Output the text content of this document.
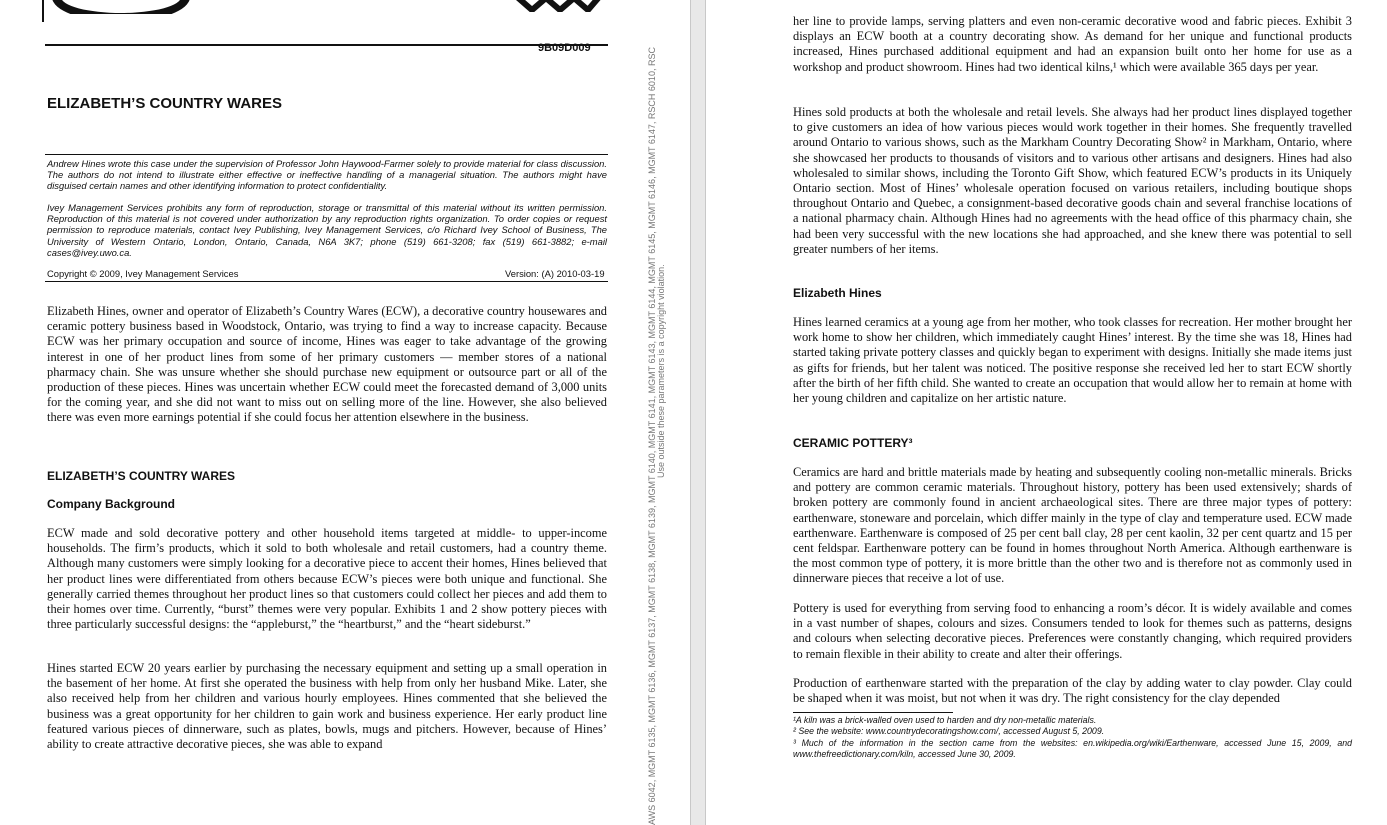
9B09D009
ELIZABETH’S COUNTRY WARES
Andrew Hines wrote this case under the supervision of Professor John Haywood-Farmer solely to provide material for class discussion. The authors do not intend to illustrate either effective or ineffective handling of a managerial situation. The authors might have disguised certain names and other identifying information to protect confidentiality.
Ivey Management Services prohibits any form of reproduction, storage or transmittal of this material without its written permission. Reproduction of this material is not covered under authorization by any reproduction rights organization. To order copies or request permission to reproduce materials, contact Ivey Publishing, Ivey Management Services, c/o Richard Ivey School of Business, The University of Western Ontario, London, Ontario, Canada, N6A 3K7; phone (519) 661-3208; fax (519) 661-3882; e-mail cases@ivey.uwo.ca.
Copyright © 2009, Ivey Management Services	Version: (A) 2010-03-19
Elizabeth Hines, owner and operator of Elizabeth’s Country Wares (ECW), a decorative country housewares and ceramic pottery business based in Woodstock, Ontario, was trying to find a way to increase capacity. Because ECW was her primary occupation and source of income, Hines was eager to take advantage of the growing interest in one of her product lines from some of her primary customers — member stores of a national pharmacy chain. She was unsure whether she should purchase new equipment or outsource part or all of the production of these pieces. Hines was uncertain whether ECW could meet the forecasted demand of 3,000 units for the coming year, and she did not want to miss out on selling more of the line. However, she also believed there was even more earnings potential if she could focus her attention elsewhere in the business.
ELIZABETH’S COUNTRY WARES
Company Background
ECW made and sold decorative pottery and other household items targeted at middle- to upper-income households. The firm’s products, which it sold to both wholesale and retail customers, had a country theme. Although many customers were simply looking for a decorative piece to accent their homes, Hines believed that her product lines were differentiated from others because ECW’s pieces were both unique and functional. She generally carried themes throughout her product lines so that customers could collect her pieces and add them to their homes over time. Currently, “burst” themes were very popular. Exhibits 1 and 2 show pottery pieces with three particularly successful designs: the “appleburst,” the “heartburst,” and the “heart sideburst.”
Hines started ECW 20 years earlier by purchasing the necessary equipment and setting up a small operation in the basement of her home. At first she operated the business with help from only her husband Mike. Later, she also received help from her children and various hourly employees. Hines commented that she believed the business was a great opportunity for her children to gain work and business experience. Her early product line featured various pieces of dinnerware, such as plates, bowls, mugs and pitchers. However, because of Hines’ ability to create attractive decorative pieces, she was able to expand	AWS 6042, MGMT 6135, MGMT 6136, MGMT 6137, MGMT 6138, MGMT 6139, MGMT 6140, MGMT 6141, MGMT 6143, MGMT 6144, MGMT 6145, MGMT 6146, MGMT 6147, RSCH 6010, RSC Use outside these parameters is a copyright violation.
her line to provide lamps, serving platters and even non-ceramic decorative wood and fabric pieces. Exhibit 3 displays an ECW booth at a country decorating show. As demand for her unique and functional products increased, Hines purchased additional equipment and had an expansion built onto her home for use as a workshop and product showroom. Hines had two identical kilns,¹ which were available 365 days per year.
Hines sold products at both the wholesale and retail levels. She always had her product lines displayed together to give customers an idea of how various pieces would work together in their homes. She frequently travelled around Ontario to various shows, such as the Markham Country Decorating Show² in Markham, Ontario, where she showcased her products to thousands of visitors and to various other artisans and designers. Hines had also wholesaled to similar shows, including the Toronto Gift Show, which featured ECW’s products in its Uniquely Ontario section. Most of Hines’ wholesale operation focused on various retailers, including boutique shops throughout Ontario and Quebec, a consignment-based decorative goods chain and several franchise locations of a national pharmacy chain. Although Hines had no agreements with the head office of this pharmacy chain, she had been very successful with the new locations she had approached, and she knew there was potential to sell greater numbers of her items.
Elizabeth Hines
Hines learned ceramics at a young age from her mother, who took classes for recreation. Her mother brought her work home to show her children, which immediately caught Hines’ interest. By the time she was 18, Hines had started taking private pottery classes and quickly began to experiment with designs. Initially she made items just as gifts for friends, but her talent was noticed. The positive response she received led her to start ECW shortly after the birth of her fifth child. She wanted to create an occupation that would allow her to remain at home with her young children and capitalize on her artistic nature.
CERAMIC POTTERY³
Ceramics are hard and brittle materials made by heating and subsequently cooling non-metallic minerals. Bricks and pottery are common ceramic materials. Throughout history, pottery has been used extensively; shards of broken pottery are commonly found in ancient archaeological sites. There are three major types of pottery: earthenware, stoneware and porcelain, which differ mainly in the type of clay and temperature used. ECW made earthenware. Earthenware is composed of 25 per cent ball clay, 28 per cent kaolin, 32 per cent quartz and 15 per cent feldspar. Earthenware pottery can be found in homes throughout North America. Although earthenware is the most common type of pottery, it is more brittle than the other two and is therefore not as commonly used in dinnerware pieces that receive a lot of use.
Pottery is used for everything from serving food to enhancing a room’s décor. It is widely available and comes in a vast number of shapes, colours and sizes. Consumers tended to look for themes such as patterns, designs and colours when selecting decorative pieces. Preferences were constantly changing, which required providers to remain flexible in their ability to create and alter their offerings.
Production of earthenware started with the preparation of the clay by adding water to clay powder. Clay could be shaped when it was moist, but not when it was dry. The right consistency for the clay depended
¹A kiln was a brick-walled oven used to harden and dry non-metallic materials.
² See the website: www.countrydecoratingshow.com/, accessed August 5, 2009.
³ Much of the information in the section came from the websites: en.wikipedia.org/wiki/Earthenware, accessed June 15, 2009, and www.thefreedictionary.com/kiln, accessed June 30, 2009.
